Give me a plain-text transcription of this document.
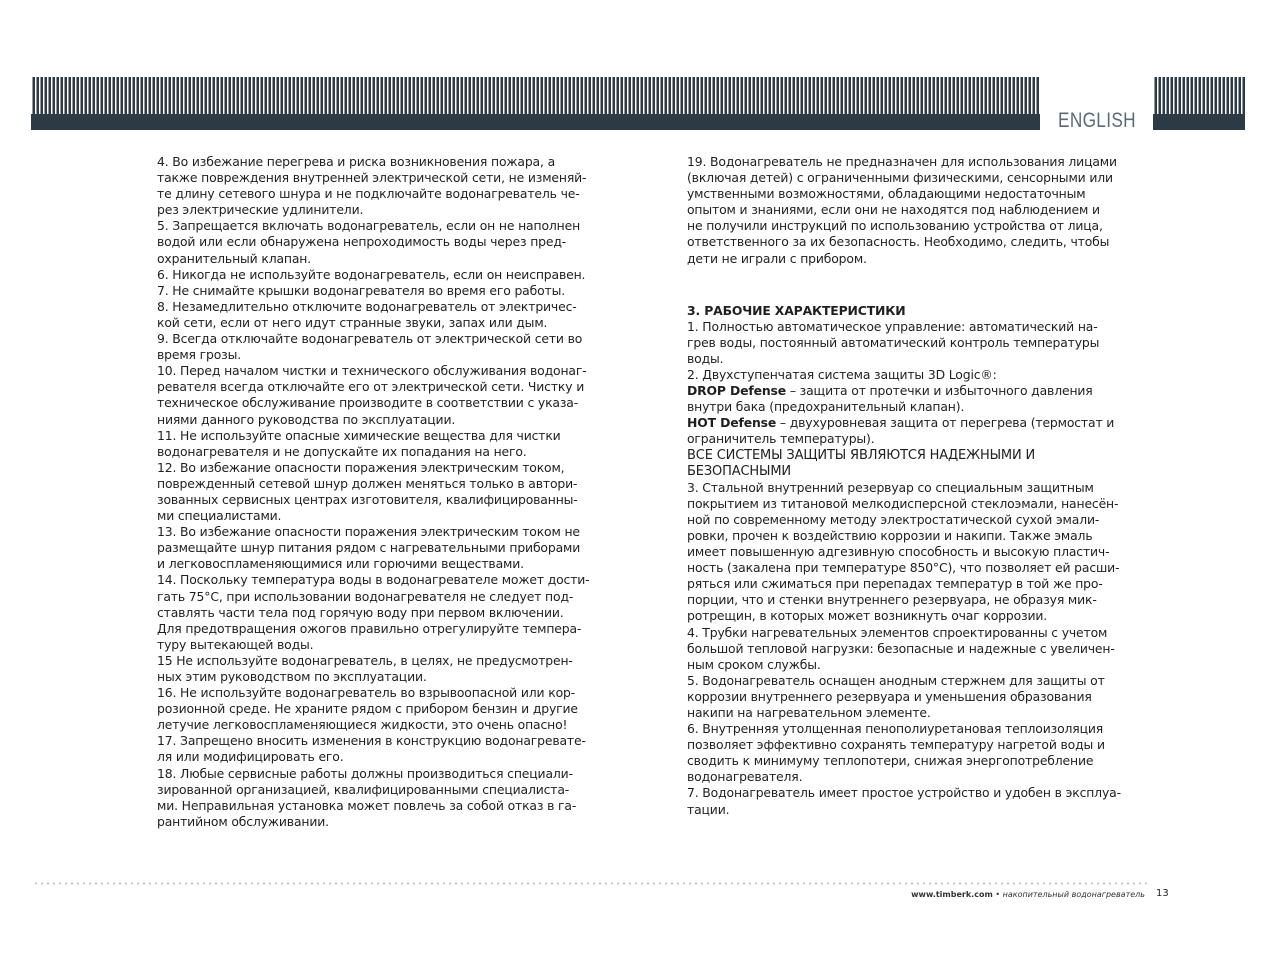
ENGLISH

4. Во избежание перегрева и риска возникновения пожара, а
также повреждения внутренней электрической сети, не изменяй-
те длину сетевого шнура и не подключайте водонагреватель че-
рез электрические удлинители.

5. Запрещается включать водонагреватель, если он не наполнен
водой или если обнаружена непроходимость воды через пред-
охранительный клапан.

6. Никогда не используйте водонагреватель, если он неисправен.

7. Не снимайте крышки водонагревателя во время его работы.

8. Незамедлительно отключите водонагреватель от электричес-
кой сети, если от него идут странные звуки, запах или дым.

9. Всегда отключайте водонагреватель от электрической сети во
время грозы.

10. Перед началом чистки и технического обслуживания водонаг-
ревателя всегда отключайте его от электрической сети. Чистку и
техническое обслуживание производите в соответствии с указа-
ниями данного руководства по эксплуатации.

11. Не используйте опасные химические вещества для чистки
водонагревателя и не допускайте их попадания на него.

12. Во избежание опасности поражения электрическим током,
поврежденный сетевой шнур должен меняться только в автори-
зованных сервисных центрах изготовителя, квалифицированны-
ми специалистами.

13. Во избежание опасности поражения электрическим током не
размещайте шнур питания рядом с нагревательными приборами
и легковоспламеняющимися или горючими веществами.

14. Поскольку температура воды в водонагревателе может дости-
гать 75°С, при использовании водонагревателя не следует под-
ставлять части тела под горячую воду при первом включении.
Для предотвращения ожогов правильно отрегулируйте темпера-
туру вытекающей воды.

15 Не используйте водонагреватель, в целях, не предусмотрен-
ных этим руководством по эксплуатации.

16. Не используйте водонагреватель во взрывоопасной или кор-
розионной среде. Не храните рядом с прибором бензин и другие
летучие легковоспламеняющиеся жидкости, это очень опасно!

17. Запрещено вносить изменения в конструкцию водонагревате-
ля или модифицировать его.

18. Любые сервисные работы должны производиться специали-
зированной организацией, квалифицированными специалиста-
ми. Неправильная установка может повлечь за собой отказ в га-
рантийном обслуживании.

19. Водонагреватель не предназначен для использования лицами
(включая детей) с ограниченными физическими, сенсорными или
умственными возможностями, обладающими недостаточным
опытом и знаниями, если они не находятся под наблюдением и
не получили инструкций по использованию устройства от лица,
ответственного за их безопасность. Необходимо, следить, чтобы
дети не играли с прибором.

3. РАБОЧИЕ ХАРАКТЕРИСТИКИ

1. Полностью автоматическое управление: автоматический на-
грев воды, постоянный автоматический контроль температуры
воды.

2. Двухступенчатая система защиты 3D Logic®:

DROP Defense – защита от протечки и избыточного давления
внутри бака (предохранительный клапан).

HOT Defense – двухуровневая защита от перегрева (термостат и
ограничитель температуры).

ВСЕ СИСТЕМЫ ЗАЩИТЫ ЯВЛЯЮТСЯ НАДЕЖНЫМИ И
БЕЗОПАСНЫМИ

3. Стальной внутренний резервуар со специальным защитным
покрытием из титановой мелкодисперсной стеклоэмали, нанесён-
ной по современному методу электростатической сухой эмали-
ровки, прочен к воздействию коррозии и накипи. Также эмаль
имеет повышенную адгезивную способность и высокую пластич-
ность (закалена при температуре 850°С), что позволяет ей расши-
ряться или сжиматься при перепадах температур в той же про-
порции, что и стенки внутреннего резервуара, не образуя мик-
ротрещин, в которых может возникнуть очаг коррозии.

4. Трубки нагревательных элементов спроектированны с учетом
большой тепловой нагрузки: безопасные и надежные с увеличен-
ным сроком службы.

5. Водонагреватель оснащен анодным стержнем для защиты от
коррозии внутреннего резервуара и уменьшения образования
накипи на нагревательном элементе.

6. Внутренняя утолщенная пенополиуретановая теплоизоляция
позволяет эффективно сохранять температуру нагретой воды и
сводить к минимуму теплопотери, снижая энергопотребление
водонагревателя.

7. Водонагреватель имеет простое устройство и удобен в эксплуа-
тации.

www.timberk.com • накопительный водонагреватель 13
